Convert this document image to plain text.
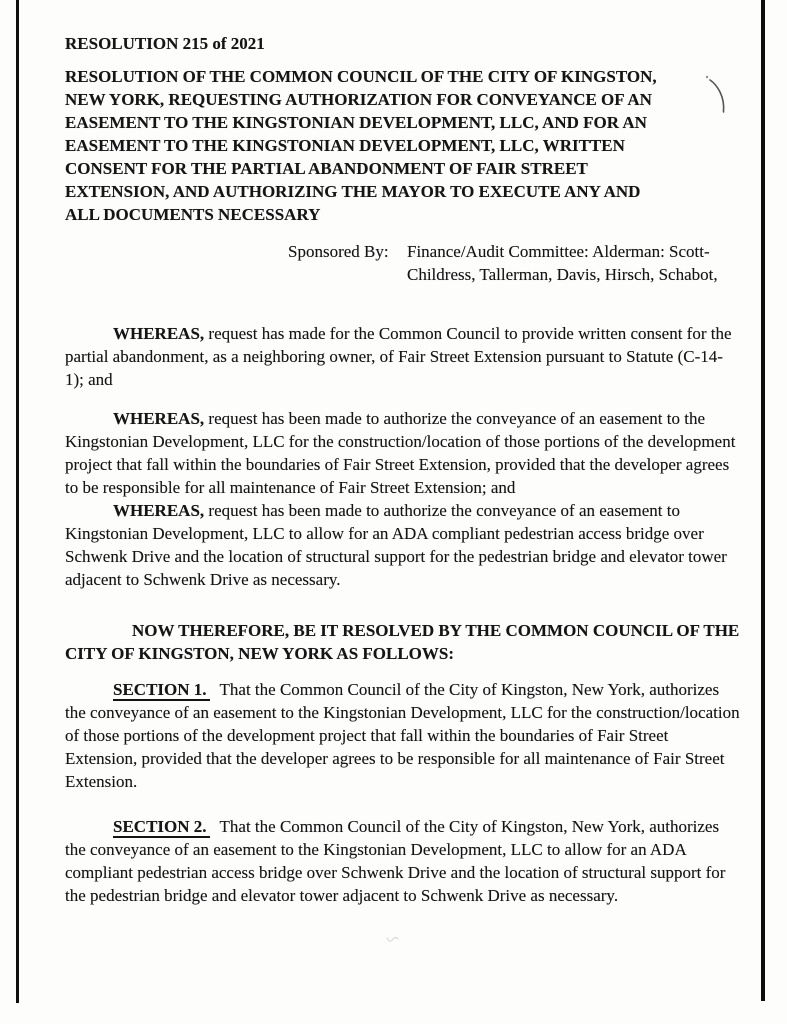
RESOLUTION 215 of 2021

RESOLUTION OF THE COMMON COUNCIL OF THE CITY OF KINGSTON,
NEW YORK, REQUESTING AUTHORIZATION FOR CONVEYANCE OF AN
EASEMENT TO THE KINGSTONIAN DEVELOPMENT, LLC, AND FOR AN
EASEMENT TO THE KINGSTONIAN DEVELOPMENT, LLC, WRITTEN
CONSENT FOR THE PARTIAL ABANDONMENT OF FAIR STREET
EXTENSION, AND AUTHORIZING THE MAYOR TO EXECUTE ANY AND
ALL DOCUMENTS NECESSARY
Sponsored By:	Finance/Audit Committee: Alderman: Scott-
Childress, Tallerman, Davis, Hirsch, Schabot,

WHEREAS, request has made for the Common Council to provide written consent for the partial abandonment, as a neighboring owner, of Fair Street Extension pursuant to Statute (C-14-1); and

WHEREAS, request has been made to authorize the conveyance of an easement to the Kingstonian Development, LLC for the construction/location of those portions of the development project that fall within the boundaries of Fair Street Extension, provided that the developer agrees to be responsible for all maintenance of Fair Street Extension; and

WHEREAS, request has been made to authorize the conveyance of an easement to Kingstonian Development, LLC to allow for an ADA compliant pedestrian access bridge over Schwenk Drive and the location of structural support for the pedestrian bridge and elevator tower adjacent to Schwenk Drive as necessary.

NOW THEREFORE, BE IT RESOLVED BY THE COMMON COUNCIL OF THE CITY OF KINGSTON, NEW YORK AS FOLLOWS:

SECTION 1. That the Common Council of the City of Kingston, New York, authorizes the conveyance of an easement to the Kingstonian Development, LLC for the construction/location of those portions of the development project that fall within the boundaries of Fair Street Extension, provided that the developer agrees to be responsible for all maintenance of Fair Street Extension.

SECTION 2. That the Common Council of the City of Kingston, New York, authorizes the conveyance of an easement to the Kingstonian Development, LLC to allow for an ADA compliant pedestrian access bridge over Schwenk Drive and the location of structural support for the pedestrian bridge and elevator tower adjacent to Schwenk Drive as necessary.
